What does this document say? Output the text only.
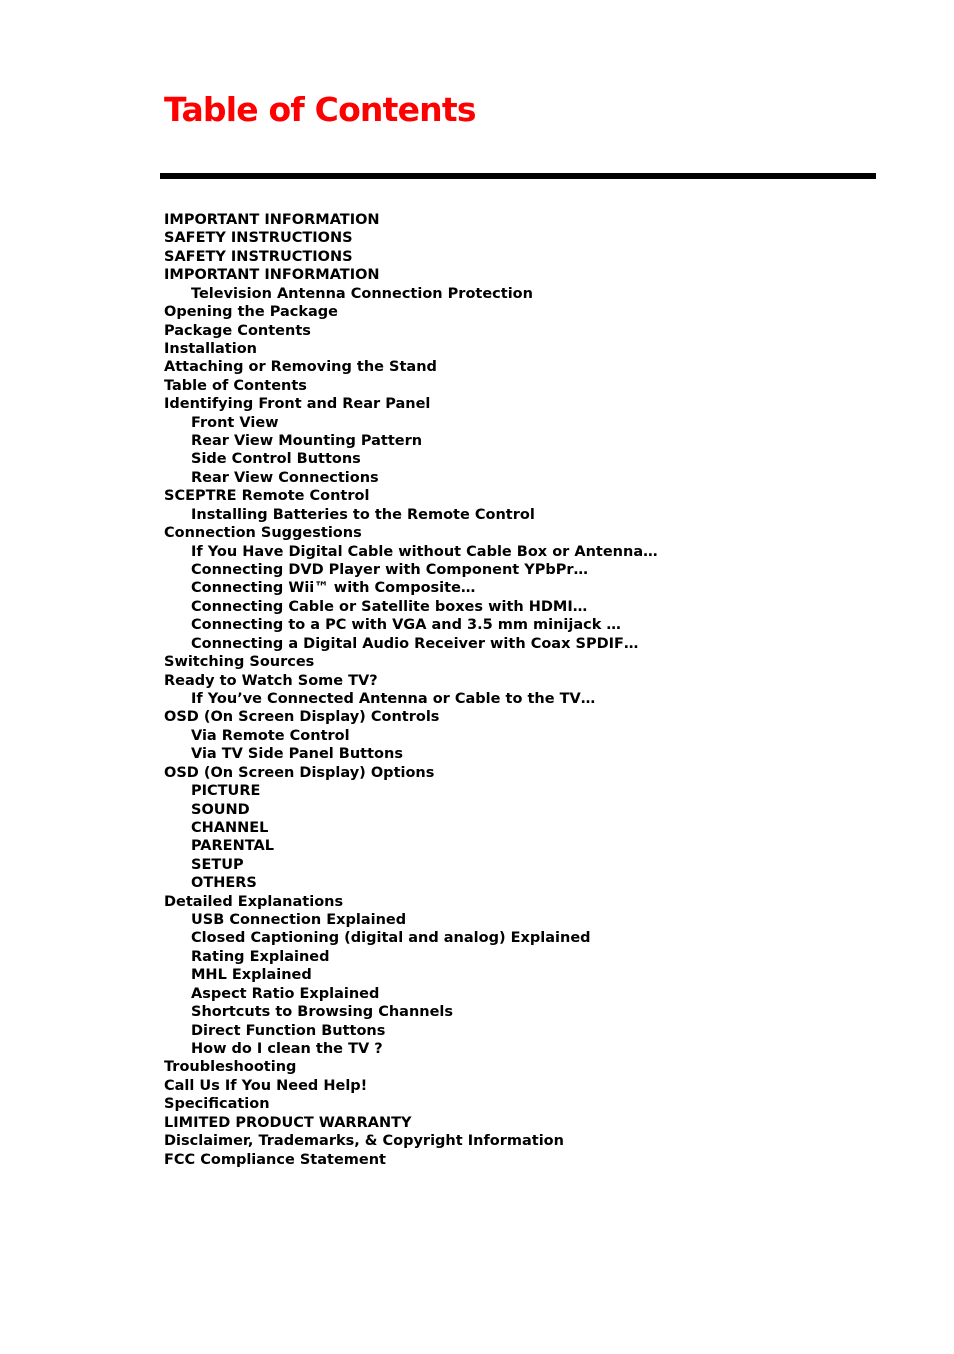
Table of Contents
IMPORTANT INFORMATION
SAFETY INSTRUCTIONS
SAFETY INSTRUCTIONS
IMPORTANT INFORMATION
Television Antenna Connection Protection
Opening the Package
Package Contents
Installation
Attaching or Removing the Stand
Table of Contents
Identifying Front and Rear Panel
Front View
Rear View Mounting Pattern
Side Control Buttons
Rear View Connections
SCEPTRE Remote Control
Installing Batteries to the Remote Control
Connection Suggestions
If You Have Digital Cable without Cable Box or Antenna…
Connecting DVD Player with Component YPbPr…
Connecting Wii™ with Composite…
Connecting Cable or Satellite boxes with HDMI…
Connecting to a PC with VGA and 3.5 mm minijack …
Connecting a Digital Audio Receiver with Coax SPDIF…
Switching Sources
Ready to Watch Some TV?
If You’ve Connected Antenna or Cable to the TV…
OSD (On Screen Display) Controls
Via Remote Control
Via TV Side Panel Buttons
OSD (On Screen Display) Options
PICTURE
SOUND
CHANNEL
PARENTAL
SETUP
OTHERS
Detailed Explanations
USB Connection Explained
Closed Captioning (digital and analog) Explained
Rating Explained
MHL Explained
Aspect Ratio Explained
Shortcuts to Browsing Channels
Direct Function Buttons
How do I clean the TV ?
Troubleshooting
Call Us If You Need Help!
Specification
LIMITED PRODUCT WARRANTY
Disclaimer, Trademarks, & Copyright Information
FCC Compliance Statement
